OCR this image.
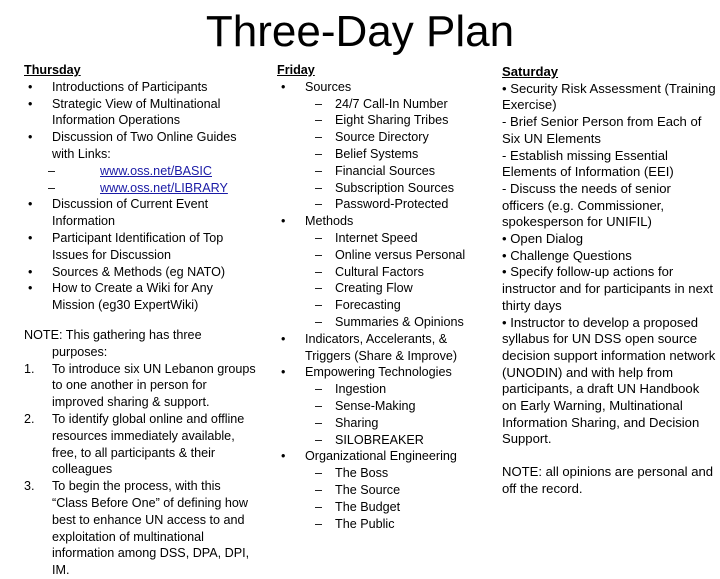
Three-Day Plan
Thursday
• Introductions of Participants
• Strategic View of Multinational Information Operations
• Discussion of Two Online Guides with Links:
– www.oss.net/BASIC
– www.oss.net/LIBRARY
• Discussion of Current Event Information
• Participant Identification of Top Issues for Discussion
• Sources & Methods (eg NATO)
• How to Create a Wiki for Any Mission (eg30 ExpertWiki)
NOTE: This gathering has three
purposes:
1. To introduce six UN Lebanon groups to one another in person for improved sharing & support.
2. To identify global online and offline resources immediately available, free, to all participants & their colleagues
3. To begin the process, with this “Class Before One” of defining how best to enhance UN access to and exploitation of multinational information among DSS, DPA, DPI, IM.
Friday
• Sources
– 24/7 Call-In Number
– Eight Sharing Tribes
– Source Directory
– Belief Systems
– Financial Sources
– Subscription Sources
– Password-Protected
• Methods
– Internet Speed
– Online versus Personal
– Cultural Factors
– Creating Flow
– Forecasting
– Summaries & Opinions
• Indicators, Accelerants, & Triggers (Share & Improve)
• Empowering Technologies
– Ingestion
– Sense-Making
– Sharing
– SILOBREAKER
• Organizational Engineering
– The Boss
– The Source
– The Budget
– The Public
Saturday

• Security Risk Assessment (Training Exercise)

- Brief Senior Person from Each of Six UN Elements

- Establish missing Essential Elements of Information (EEI)

- Discuss the needs of senior officers (e.g. Commissioner, spokesperson for UNIFIL)

• Open Dialog

• Challenge Questions

• Specify follow-up actions for instructor and for participants in next thirty days

• Instructor to develop a proposed syllabus for UN DSS open source decision support information network (UNODIN) and with help from participants, a draft UN Handbook on Early Warning, Multinational Information Sharing, and Decision Support.

NOTE: all opinions are personal and off the record.
